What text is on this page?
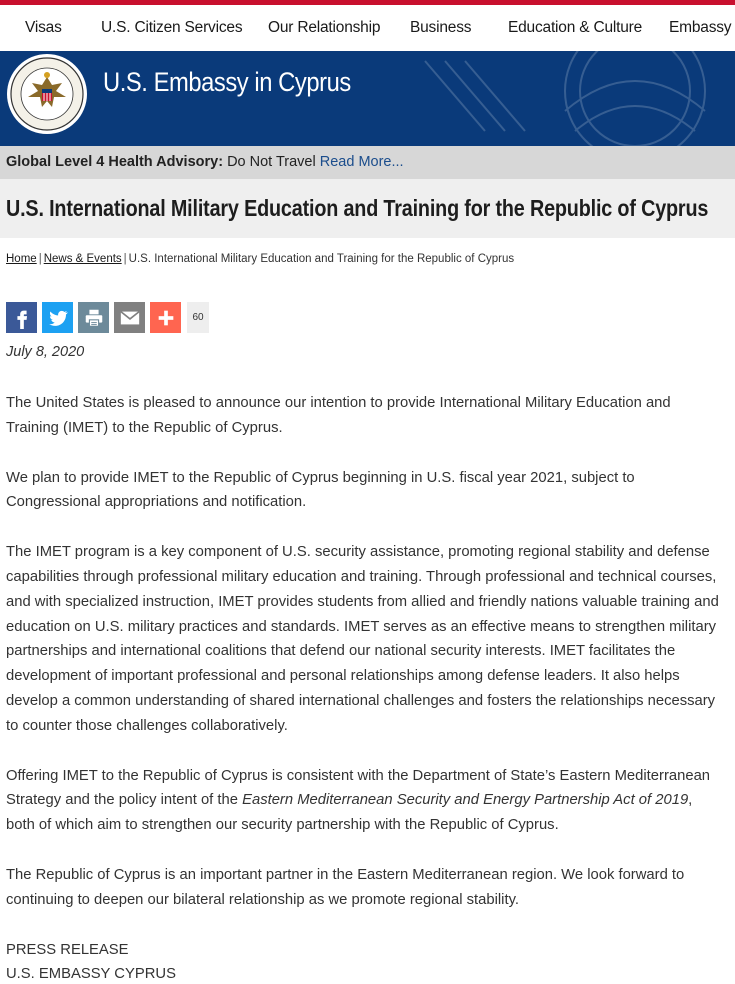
Visas	U.S. Citizen Services Our Relationship Business Education & Culture Embassy
U.S. Embassy in Cyprus
Global Level 4 Health Advisory: Do Not Travel Read More...
U.S. International Military Education and Training for the Republic of Cyprus
Home | News & Events | U.S. International Military Education and Training for the Republic of Cyprus
60
July 8, 2020

The United States is pleased to announce our intention to provide International Military Education and Training (IMET) to the Republic of Cyprus.

We plan to provide IMET to the Republic of Cyprus beginning in U.S. fiscal year 2021, subject to Congressional appropriations and notification.

The IMET program is a key component of U.S. security assistance, promoting regional stability and defense capabilities through professional military education and training. Through professional and technical courses, and with specialized instruction, IMET provides students from allied and friendly nations valuable training and education on U.S. military practices and standards. IMET serves as an effective means to strengthen military partnerships and international coalitions that defend our national security interests. IMET facilitates the development of important professional and personal relationships among defense leaders. It also helps develop a common understanding of shared international challenges and fosters the relationships necessary to counter those challenges collaboratively.

Offering IMET to the Republic of Cyprus is consistent with the Department of State’s Eastern Mediterranean Strategy and the policy intent of the Eastern Mediterranean Security and Energy Partnership Act of 2019, both of which aim to strengthen our security partnership with the Republic of Cyprus.

The Republic of Cyprus is an important partner in the Eastern Mediterranean region. We look forward to continuing to deepen our bilateral relationship as we promote regional stability.

PRESS RELEASE
U.S. EMBASSY CYPRUS
